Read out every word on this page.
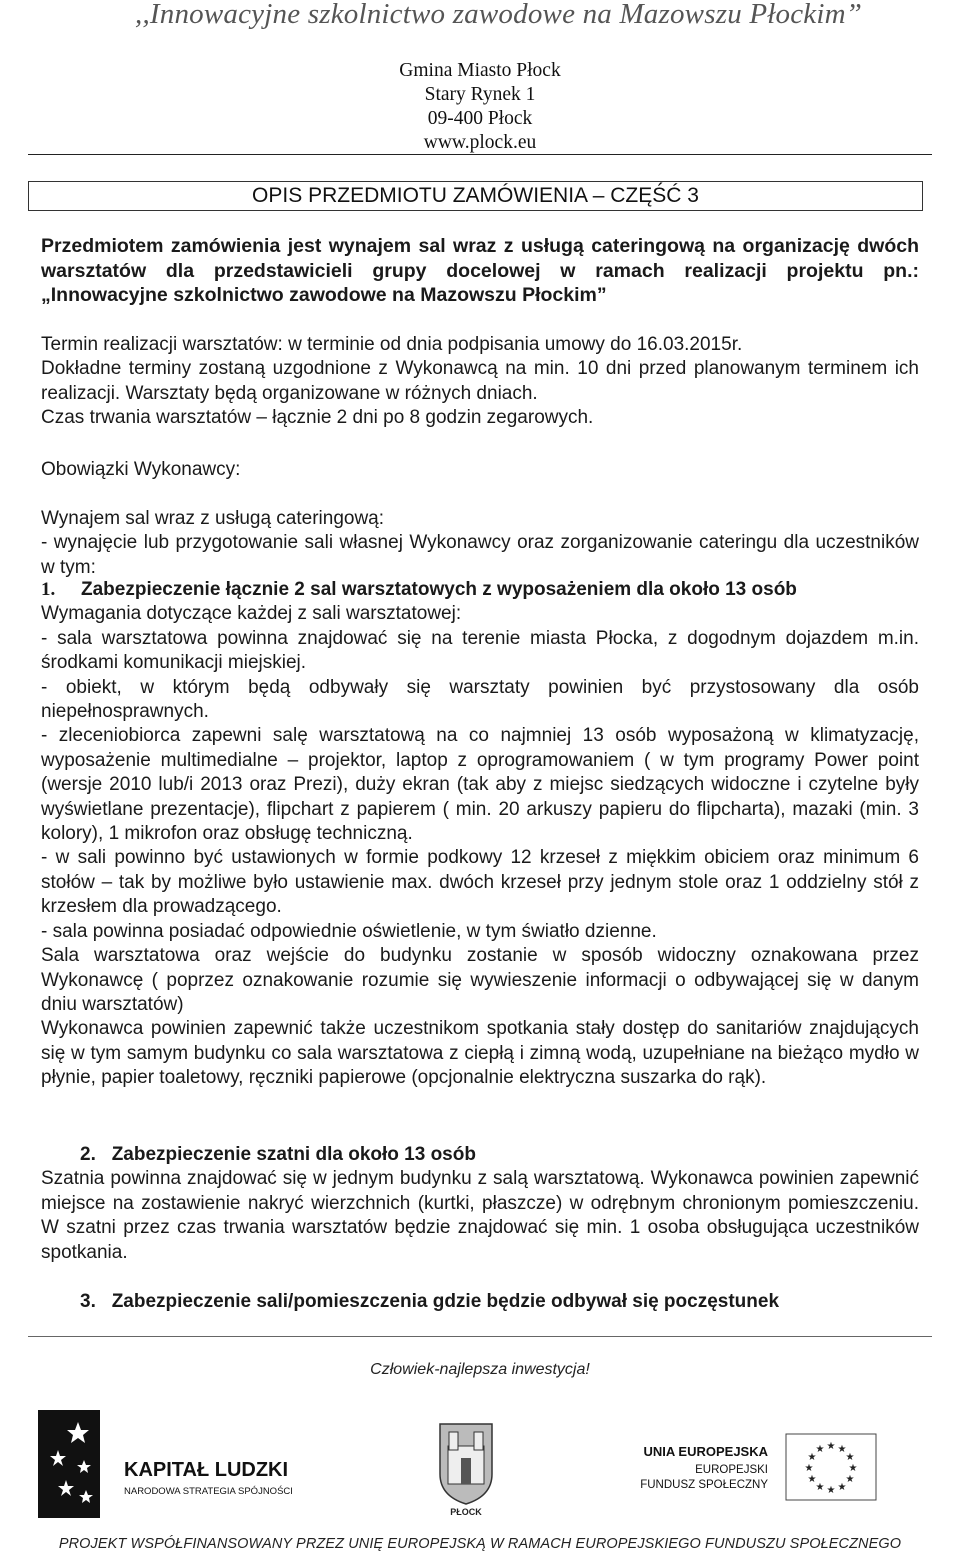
,,Innowacyjne szkolnictwo zawodowe na Mazowszu Płockim”
Gmina Miasto Płock
Stary Rynek 1
09-400 Płock
www.plock.eu
OPIS PRZEDMIOTU ZAMÓWIENIA – CZĘŚĆ 3
Przedmiotem zamówienia jest wynajem sal wraz z usługą cateringową na organizację dwóch warsztatów dla przedstawicieli grupy docelowej w ramach realizacji projektu pn.: „Innowacyjne szkolnictwo zawodowe na Mazowszu Płockim”

Termin realizacji warsztatów: w terminie od dnia podpisania umowy do 16.03.2015r.

Dokładne terminy zostaną uzgodnione z Wykonawcą na min. 10 dni przed planowanym terminem ich realizacji. Warsztaty będą organizowane w różnych dniach.

Czas trwania warsztatów – łącznie 2 dni po 8 godzin zegarowych.

Obowiązki Wykonawcy:

Wynajem sal wraz z usługą cateringową:

- wynajęcie lub przygotowanie sali własnej Wykonawcy oraz zorganizowanie cateringu dla uczestników w tym:

1. Zabezpieczenie łącznie 2 sal warsztatowych z wyposażeniem dla około 13 osób

Wymagania dotyczące każdej z sali warsztatowej:

- sala warsztatowa powinna znajdować się na terenie miasta Płocka, z dogodnym dojazdem m.in. środkami komunikacji miejskiej.

- obiekt, w którym będą odbywały się warsztaty powinien być przystosowany dla osób niepełnosprawnych.

- zleceniobiorca zapewni salę warsztatową na co najmniej 13 osób wyposażoną w klimatyzację, wyposażenie multimedialne – projektor, laptop z oprogramowaniem ( w tym programy Power point (wersje 2010 lub/i 2013 oraz Prezi), duży ekran (tak aby z miejsc siedzących widoczne i czytelne były wyświetlane prezentacje), flipchart z papierem ( min. 20 arkuszy papieru do flipcharta), mazaki (min. 3 kolory), 1 mikrofon oraz obsługę techniczną.

- w sali powinno być ustawionych w formie podkowy 12 krzeseł z miękkim obiciem oraz minimum 6 stołów – tak by możliwe było ustawienie max. dwóch krzeseł przy jednym stole oraz 1 oddzielny stół z krzesłem dla prowadzącego.

- sala powinna posiadać odpowiednie oświetlenie, w tym światło dzienne.

Sala warsztatowa oraz wejście do budynku zostanie w sposób widoczny oznakowana przez Wykonawcę ( poprzez oznakowanie rozumie się wywieszenie informacji o odbywającej się w danym dniu warsztatów)

Wykonawca powinien zapewnić także uczestnikom spotkania stały dostęp do sanitariów znajdujących się w tym samym budynku co sala warsztatowa z ciepłą i zimną wodą, uzupełniane na bieżąco mydło w płynie, papier toaletowy, ręczniki papierowe (opcjonalnie elektryczna suszarka do rąk).

2. Zabezpieczenie szatni dla około 13 osób

Szatnia powinna znajdować się w jednym budynku z salą warsztatową. Wykonawca powinien zapewnić miejsce na zostawienie nakryć wierzchnich (kurtki, płaszcze) w odrębnym chronionym pomieszczeniu. W szatni przez czas trwania warsztatów będzie znajdować się min. 1 osoba obsługująca uczestników spotkania.

3. Zabezpieczenie sali/pomieszczenia gdzie będzie odbywał się poczęstunek
Człowiek-najlepsza inwestycja!
KAPITAŁ LUDZKI
NARODOWA STRATEGIA SPÓJNOŚCI
PŁOCK
UNIA EUROPEJSKA
EUROPEJSKI
FUNDUSZ SPOŁECZNY
★ ★
★
★
★
★
★
★
★
★
★
★
PROJEKT WSPÓŁFINANSOWANY PRZEZ UNIĘ EUROPEJSKĄ W RAMACH EUROPEJSKIEGO FUNDUSZU SPOŁECZNEGO
